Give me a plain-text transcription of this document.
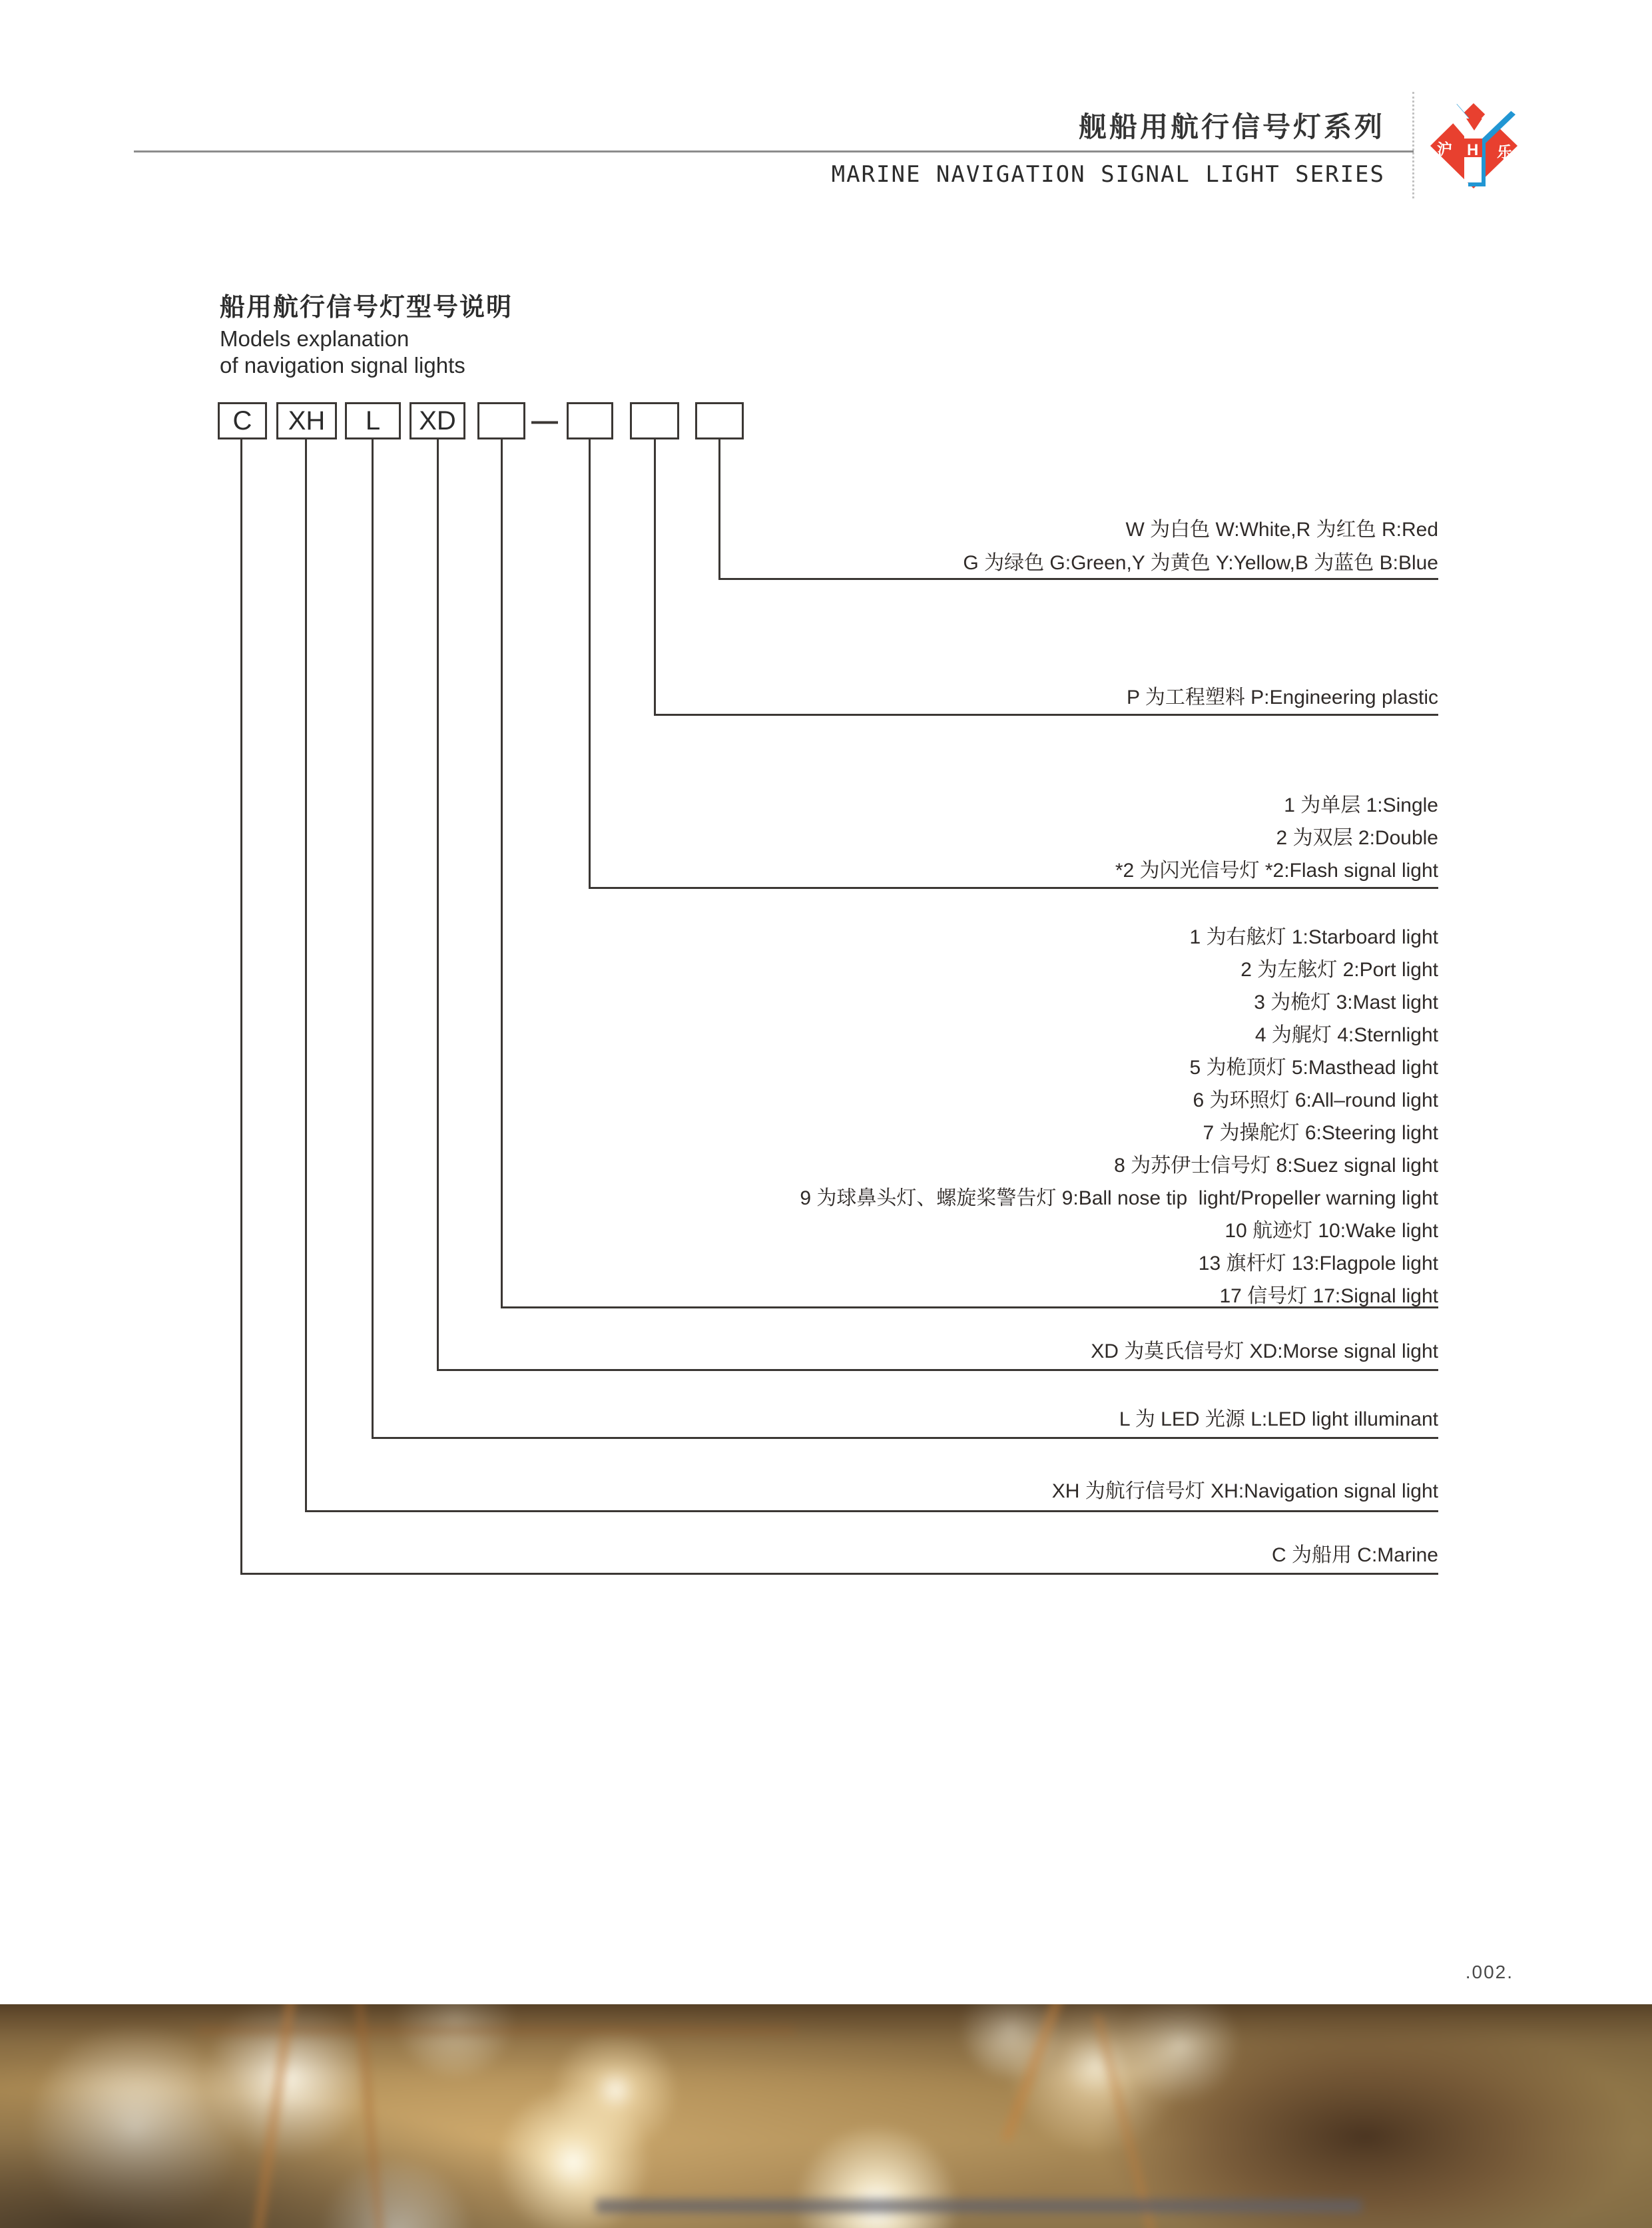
舰船用航行信号灯系列
MARINE NAVIGATION SIGNAL LIGHT SERIES
沪 H 乐
船用航行信号灯型号说明
Models explanation
of navigation signal lights
C	XH	L	XD	—
W 为白色 W:White,R 为红色 R:Red
G 为绿色 G:Green,Y 为黄色 Y:Yellow,B 为蓝色 B:Blue
P 为工程塑料 P:Engineering plastic
1 为单层 1:Single
2 为双层 2:Double
*2 为闪光信号灯 *2:Flash signal light
1 为右舷灯 1:Starboard light
2 为左舷灯 2:Port light
3 为桅灯 3:Mast light
4 为艉灯 4:Sternlight
5 为桅顶灯 5:Masthead light
6 为环照灯 6:All–round light
7 为操舵灯 6:Steering light
8 为苏伊士信号灯 8:Suez signal light
9 为球鼻头灯、螺旋桨警告灯 9:Ball nose tip  light/Propeller warning light
10 航迹灯 10:Wake light
13 旗杆灯 13:Flagpole light
17 信号灯 17:Signal light
XD 为莫氏信号灯 XD:Morse signal light
L 为 LED 光源 L:LED light illuminant
XH 为航行信号灯 XH:Navigation signal light
C 为船用 C:Marine
.002.
